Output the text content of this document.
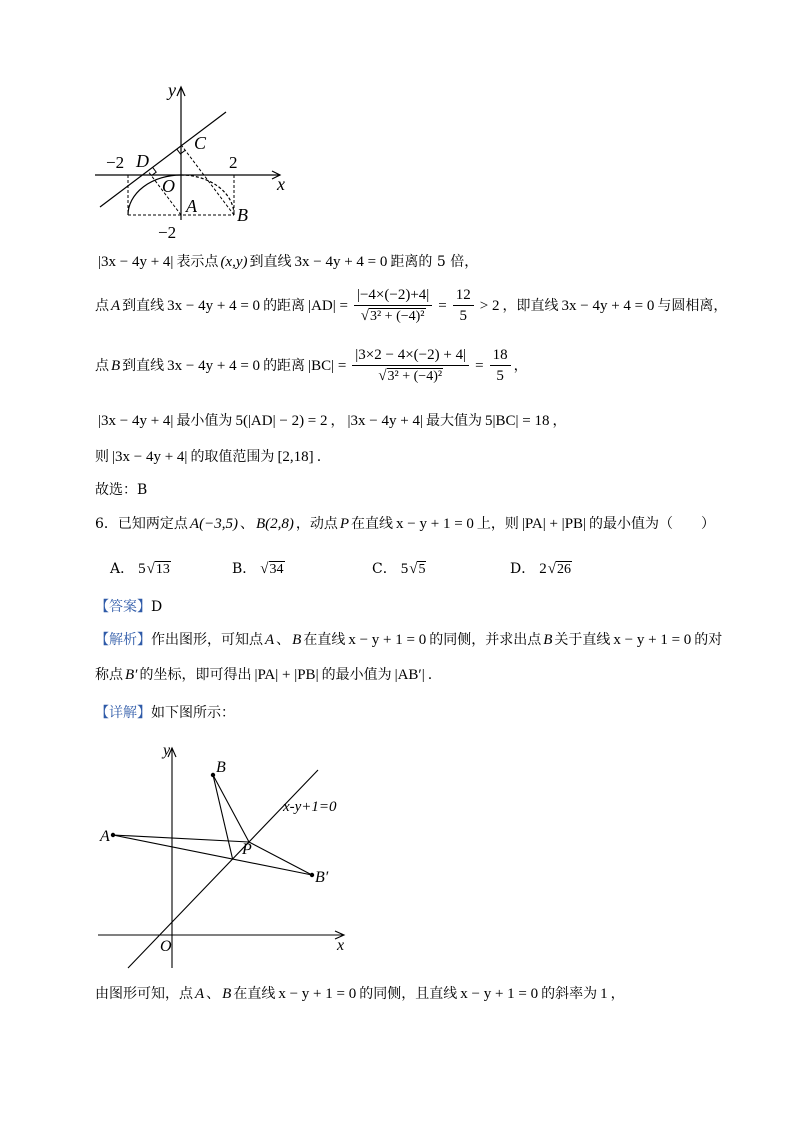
y
x
−2 D
C
2
O
A B
−2
|3x − 4y + 4| 表示点 (x,y) 到直线 3x − 4y + 4 = 0 距离的 5 倍，
点 A 到直线 3x − 4y + 4 = 0 的距离 $|AD| = \frac{|-4\times(-2)+4|}{\text{√ 3² + (−4)²}} = \frac{12}{5} > 2$ ，即直线 3x − 4y + 4 = 0 与圆相离，
点 B 到直线 3x − 4y + 4 = 0 的距离 $|BC| = \frac{|3\times 2 - 4\times(-2) + 4|}{\text{√ 3² + (−4)²}} = \frac{18}{5}$ ，
|3x − 4y + 4| 最小值为 5(|AD| − 2) = 2 ， |3x − 4y + 4| 最大值为 5|BC| = 18 ，
则 |3x − 4y + 4| 的取值范围为 [2,18] .
故选：B
6． 已知两定点 A(−3,5) 、 B(2,8) ，动点 P 在直线 x − y + 1 = 0 上，则 |PA| + |PB| 的最小值为（　　）
A． 5 √ 13	B． √ 34	C． 5 √ 5	D． 2 √ 26
【答案】 D
【解析】 作出图形，可知点 A 、 B 在直线 x − y + 1 = 0 的同侧，并求出点 B 关于直线 x − y + 1 = 0 的对
称点 B′ 的坐标，即可得出 |PA| + |PB| 的最小值为 |AB′| .
【详解】 如下图所示：
y
B
x-y+1=0
A
P
B′
O	x
由图形可知，点 A 、 B 在直线 x − y + 1 = 0 的同侧，且直线 x − y + 1 = 0 的斜率为 1 ，
